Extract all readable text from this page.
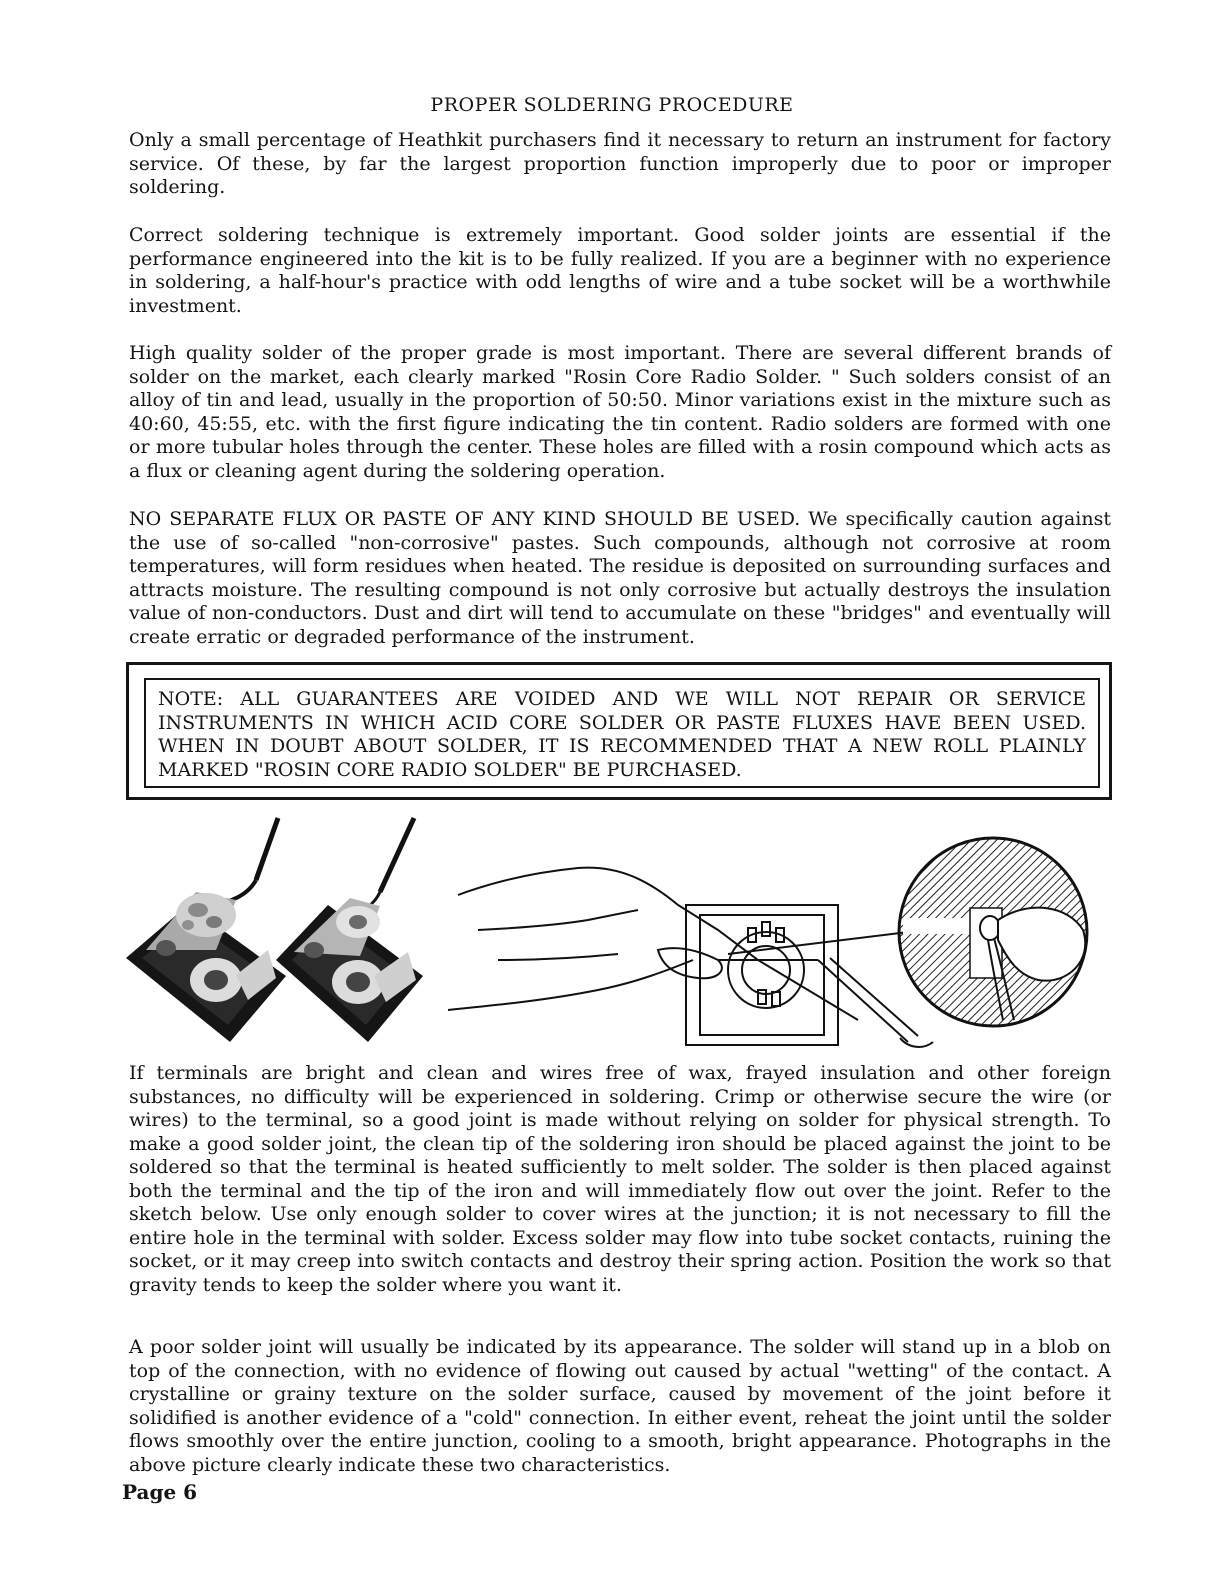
PROPER SOLDERING PROCEDURE

Only a small percentage of Heathkit purchasers find it necessary to return an instrument for factory service. Of these, by far the largest proportion function improperly due to poor or improper soldering.

Correct soldering technique is extremely important. Good solder joints are essential if the performance engineered into the kit is to be fully realized. If you are a beginner with no experience in soldering, a half-hour's practice with odd lengths of wire and a tube socket will be a worthwhile investment.

High quality solder of the proper grade is most important. There are several different brands of solder on the market, each clearly marked "Rosin Core Radio Solder. " Such solders consist of an alloy of tin and lead, usually in the proportion of 50:50. Minor variations exist in the mixture such as 40:60, 45:55, etc. with the first figure indicating the tin content. Radio solders are formed with one or more tubular holes through the center. These holes are filled with a rosin compound which acts as a flux or cleaning agent during the soldering operation.

NO SEPARATE FLUX OR PASTE OF ANY KIND SHOULD BE USED. We specifically caution against the use of so-called "non-corrosive" pastes. Such compounds, although not corrosive at room temperatures, will form residues when heated. The residue is deposited on surrounding surfaces and attracts moisture. The resulting compound is not only corrosive but actually destroys the insulation value of non-conductors. Dust and dirt will tend to accumulate on these "bridges" and eventually will create erratic or degraded performance of the instrument.

NOTE: ALL GUARANTEES ARE VOIDED AND WE WILL NOT REPAIR OR SERVICE INSTRUMENTS IN WHICH ACID CORE SOLDER OR PASTE FLUXES HAVE BEEN USED. WHEN IN DOUBT ABOUT SOLDER, IT IS RECOMMENDED THAT A NEW ROLL PLAINLY MARKED "ROSIN CORE RADIO SOLDER" BE PURCHASED.

If terminals are bright and clean and wires free of wax, frayed insulation and other foreign substances, no difficulty will be experienced in soldering. Crimp or otherwise secure the wire (or wires) to the terminal, so a good joint is made without relying on solder for physical strength. To make a good solder joint, the clean tip of the soldering iron should be placed against the joint to be soldered so that the terminal is heated sufficiently to melt solder. The solder is then placed against both the terminal and the tip of the iron and will immediately flow out over the joint. Refer to the sketch below. Use only enough solder to cover wires at the junction; it is not necessary to fill the entire hole in the terminal with solder. Excess solder may flow into tube socket contacts, ruining the socket, or it may creep into switch contacts and destroy their spring action. Position the work so that gravity tends to keep the solder where you want it.

A poor solder joint will usually be indicated by its appearance. The solder will stand up in a blob on top of the connection, with no evidence of flowing out caused by actual "wetting" of the contact. A crystalline or grainy texture on the solder surface, caused by movement of the joint before it solidified is another evidence of a "cold" connection. In either event, reheat the joint until the solder flows smoothly over the entire junction, cooling to a smooth, bright appearance. Photographs in the above picture clearly indicate these two characteristics.

Page 6
